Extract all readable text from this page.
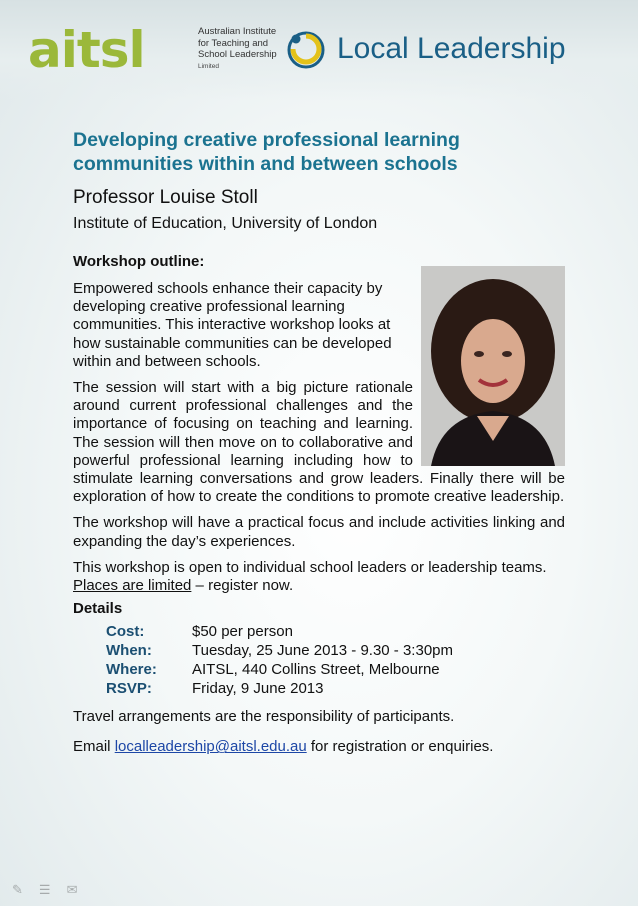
aitsl	Australian Institute
for Teaching and
School Leadership
Limited
Local Leadership
Developing creative professional learning
communities within and between schools
Professor Louise Stoll
Institute of Education, University of London
Workshop outline:
Empowered schools enhance their capacity by developing creative professional learning communities. This interactive workshop looks at how sustainable communities can be developed within and between schools.
The session will start with a big picture rationale around current professional challenges and the importance of focusing on teaching and learning. The session will then move on to collaborative and powerful professional learning including how to stimulate learning conversations and grow leaders. Finally there will be exploration of how to create the conditions to promote creative leadership.
The workshop will have a practical focus and include activities linking and expanding the day’s experiences.
This workshop is open to individual school leaders or leadership teams. Places are limited – register now.
Details
Cost:	$50 per person
When:	Tuesday, 25 June 2013 - 9.30 - 3:30pm
Where:	AITSL, 440 Collins Street, Melbourne
RSVP:	Friday, 9 June 2013
Travel arrangements are the responsibility of participants.
Email localleadership@aitsl.edu.au for registration or enquiries.
✎ ☰ ✉
